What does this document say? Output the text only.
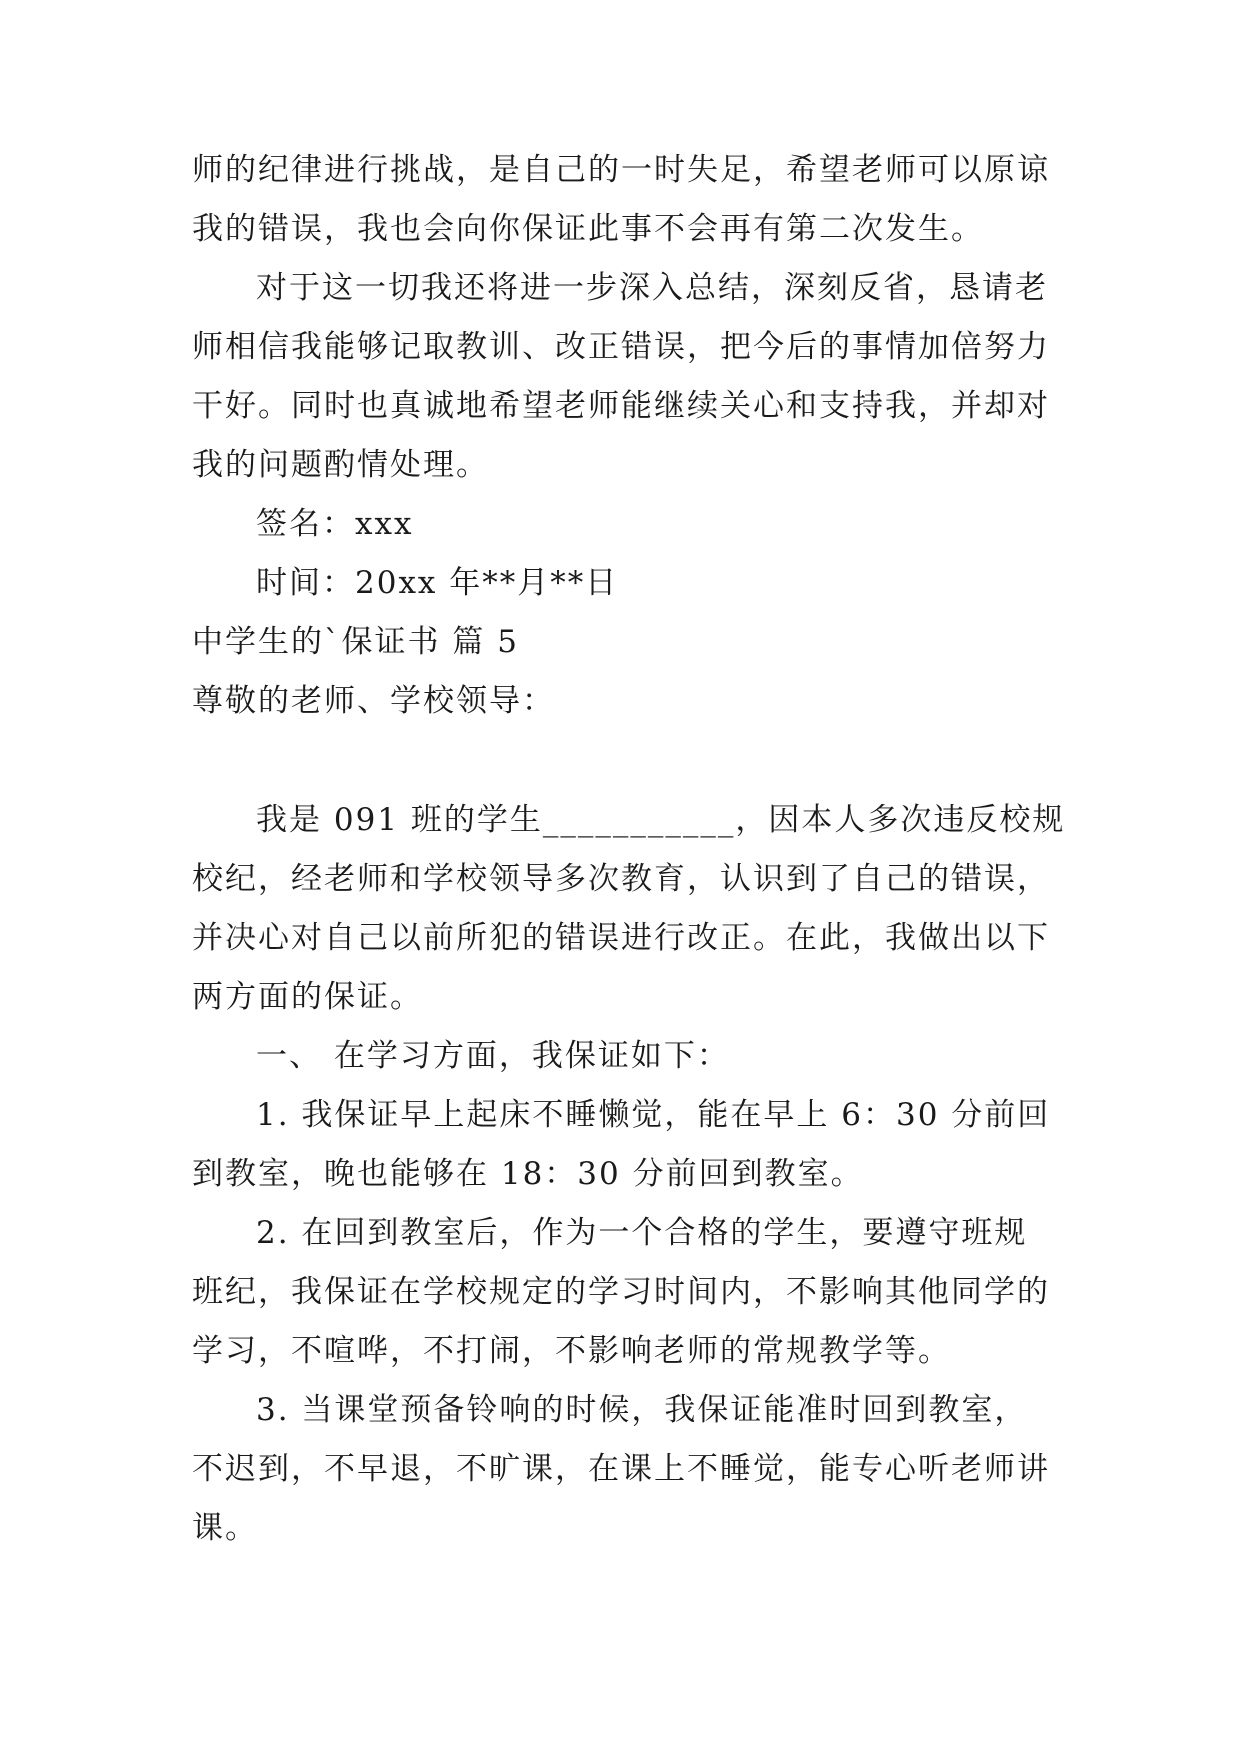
师的纪律进行挑战，是自己的一时失足，希望老师可以原谅
我的错误，我也会向你保证此事不会再有第二次发生。
对于这一切我还将进一步深入总结，深刻反省，恳请老
师相信我能够记取教训、改正错误，把今后的事情加倍努力
干好。同时也真诚地希望老师能继续关心和支持我，并却对
我的问题酌情处理。
签名：xxx
时间：20xx 年**月**日
中学生的`保证书 篇 5
尊敬的老师、学校领导：
我是 091 班的学生___________，因本人多次违反校规
校纪，经老师和学校领导多次教育，认识到了自己的错误，
并决心对自己以前所犯的错误进行改正。在此，我做出以下
两方面的保证。
一、 在学习方面，我保证如下：
1. 我保证早上起床不睡懒觉，能在早上 6：30 分前回
到教室，晚也能够在 18：30 分前回到教室。
2. 在回到教室后，作为一个合格的学生，要遵守班规
班纪，我保证在学校规定的学习时间内，不影响其他同学的
学习，不喧哗，不打闹，不影响老师的常规教学等。
3. 当课堂预备铃响的时候，我保证能准时回到教室，
不迟到，不早退，不旷课，在课上不睡觉，能专心听老师讲
课。
